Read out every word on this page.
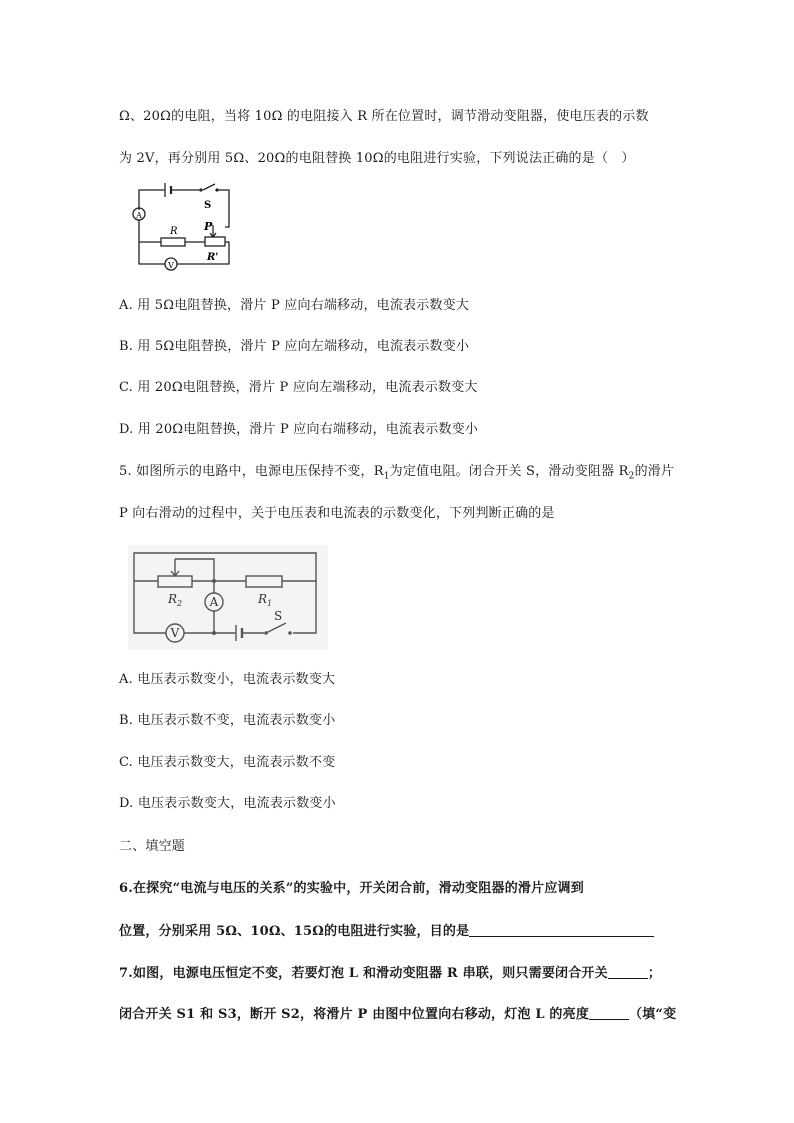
Ω、20Ω的电阻，当将 10Ω 的电阻接入 R 所在位置时，调节滑动变阻器，使电压表的示数
为 2V，再分别用 5Ω、20Ω的电阻替换 10Ω的电阻进行实验，下列说法正确的是（　）
A
V
R
S
P
R'
A. 用 5Ω电阻替换，滑片 P 应向右端移动，电流表示数变大
B. 用 5Ω电阻替换，滑片 P 应向左端移动，电流表示数变小
C. 用 20Ω电阻替换，滑片 P 应向左端移动，电流表示数变大
D. 用 20Ω电阻替换，滑片 P 应向右端移动，电流表示数变小
5. 如图所示的电路中，电源电压保持不变，$R_1$为定值电阻。闭合开关 S，滑动变阻器 $R_2$的滑片
P 向右滑动的过程中，关于电压表和电流表的示数变化，下列判断正确的是
A
V
$R_2$	$R_1$
S
A. 电压表示数变小，电流表示数变大
B. 电压表示数不变，电流表示数变小
C. 电压表示数变大，电流表示数不变
D. 电压表示数变大，电流表示数变小
二、填空题
6.在探究“电流与电压的关系”的实验中，开关闭合前，滑动变阻器的滑片应调到
位置，分别采用 5Ω、10Ω、15Ω的电阻进行实验，目的是
7.如图，电源电压恒定不变，若要灯泡 L 和滑动变阻器 R 串联，则只需要闭合开关	；
闭合开关 S1 和 S3，断开 S2，将滑片 P 由图中位置向右移动，灯泡 L 的亮度	（填“变
